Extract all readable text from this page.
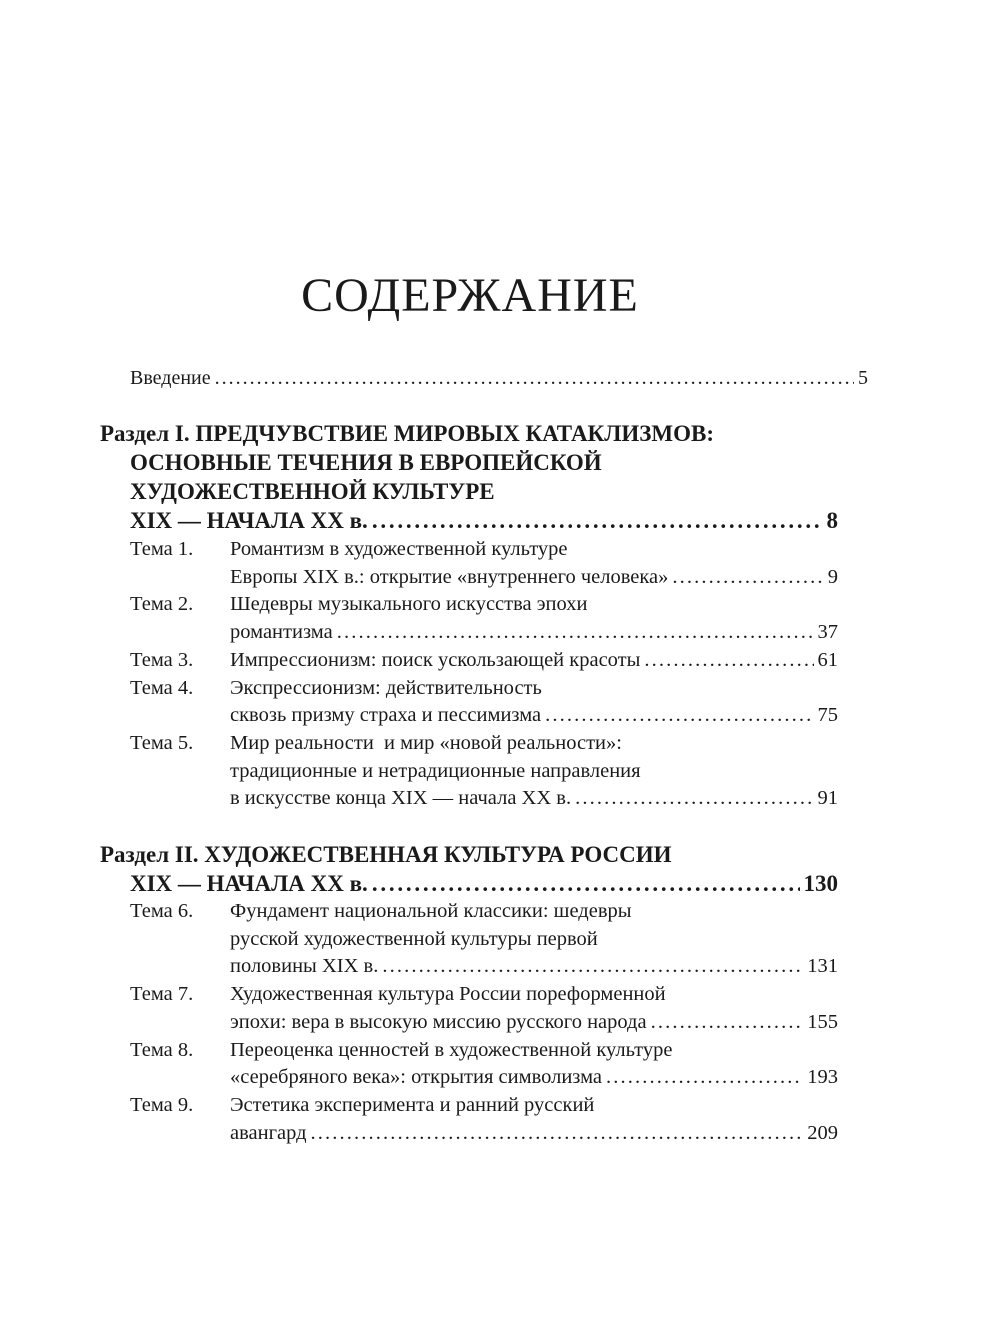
СОДЕРЖАНИЕ
Введение . . .	5
Раздел I. ПРЕДЧУВСТВИЕ МИРОВЫХ КАТАКЛИЗМОВ:
ОСНОВНЫЕ ТЕЧЕНИЯ В ЕВРОПЕЙСКОЙ
ХУДОЖЕСТВЕННОЙ КУЛЬТУРЕ
XIX — НАЧАЛА XX в. . . .	8
Тема 1.	Романтизм в художественной культуре
Европы XIX в.: открытие «внутреннего человека» . . .	9
Тема 2.	Шедевры музыкального искусства эпохи
романтизма . . .	37
Тема 3.	Импрессионизм: поиск ускользающей красоты . . .	61
Тема 4.	Экспрессионизм: действительность
сквозь призму страха и пессимизма . . .	75
Тема 5.	Мир реальности  и мир «новой реальности»:
традиционные и нетрадиционные направления
в искусстве конца XIX — начала XX в. . . .	91
Раздел II. ХУДОЖЕСТВЕННАЯ КУЛЬТУРА РОССИИ
XIX — НАЧАЛА XX в. . . .	130
Тема 6.	Фундамент национальной классики: шедевры
русской художественной культуры первой
половины XIX в. . . .	131
Тема 7.	Художественная культура России пореформенной
эпохи: вера в высокую миссию русского народа . . .	155
Тема 8.	Переоценка ценностей в художественной культуре
«серебряного века»: открытия символизма . . .	193
Тема 9.	Эстетика эксперимента и ранний русский
авангард . . .	209
